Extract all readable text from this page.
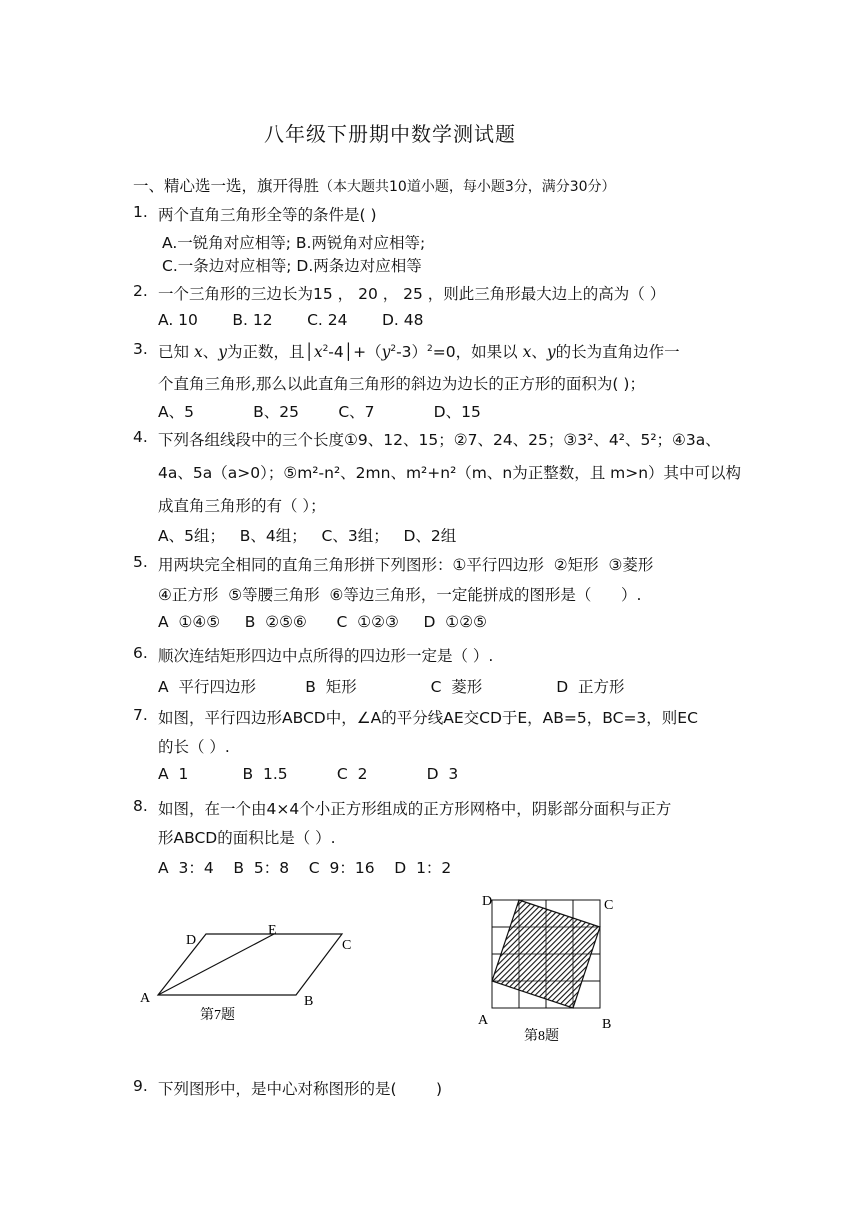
八年级下册期中数学测试题
一、精心选一选，旗开得胜（本大题共10道小题，每小题3分，满分30分）
1. 两个直角三角形全等的条件是( )
A.一锐角对应相等; B.两锐角对应相等;
C.一条边对应相等; D.两条边对应相等
2. 一个三角形的三边长为15 ， 20 ， 25 ，则此三角形最大边上的高为（ ）
A. 10       B. 12       C. 24       D. 48
3. 已知 x、y为正数，且$│x^2-4│+(y^2-3)^2=0$，如果以 x、y的长为直角边作一
个直角三角形,那么以此直角三角形的斜边为边长的正方形的面积为( )；
A、5            B、25        C、7            D、15
4. 下列各组线段中的三个长度①9、12、15；②7、24、25；③3²、4²、5²；④3a、
4a、5a（a>0）；⑤m²-n²、2mn、m²+n²（m、n为正整数，且 m>n）其中可以构
成直角三角形的有（ ）；
A、5组；   B、4组；   C、3组；   D、2组
5. 用两块完全相同的直角三角形拼下列图形：①平行四边形  ②矩形  ③菱形
④正方形  ⑤等腰三角形  ⑥等边三角形，一定能拼成的图形是（      ）.
A  ①④⑤     B  ②⑤⑥      C  ①②③     D  ①②⑤
6. 顺次连结矩形四边中点所得的四边形一定是（ ）.
A  平行四边形          B  矩形               C  菱形               D  正方形
7. 如图，平行四边形ABCD中，∠A的平分线AE交CD于E，AB=5，BC=3，则EC
的长（ ）.
A  1           B  1.5          C  2            D  3
8. 如图，在一个由4×4个小正方形组成的正方形网格中，阴影部分面积与正方
形ABCD的面积比是（ ）.
A  3：4    B  5：8    C  9：16    D  1：2
A	B
C
D
E
第7题	A	B
C
D
第8题
9. 下列图形中，是中心对称图形的是(        )
